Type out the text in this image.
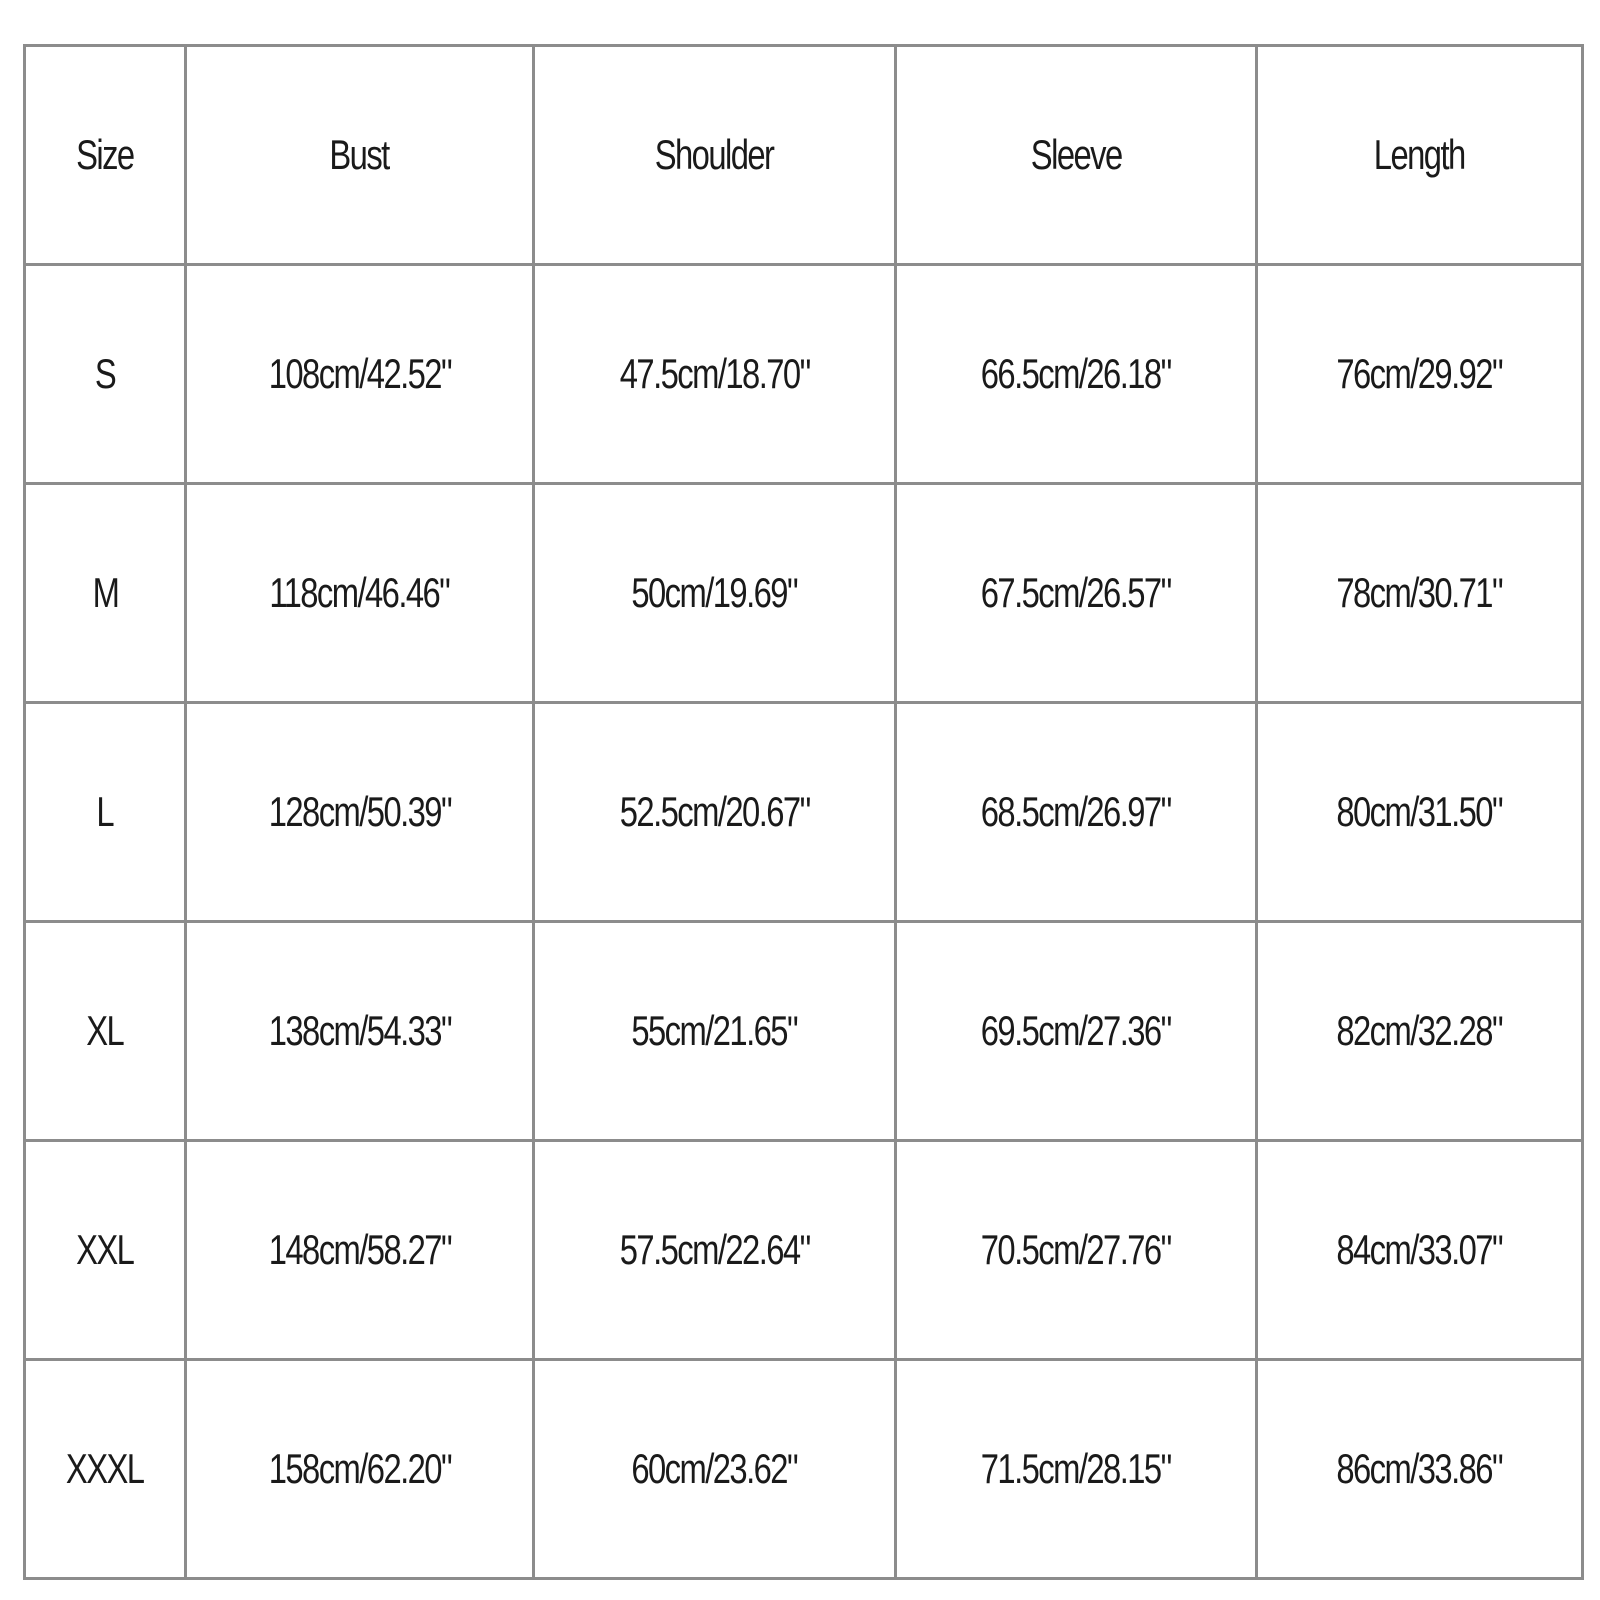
Size	Bust	Shoulder	Sleeve	Length
S	108cm/42.52"	47.5cm/18.70"	66.5cm/26.18"	76cm/29.92"
M	118cm/46.46"	50cm/19.69"	67.5cm/26.57"	78cm/30.71"
L	128cm/50.39"	52.5cm/20.67"	68.5cm/26.97"	80cm/31.50"
XL	138cm/54.33"	55cm/21.65"	69.5cm/27.36"	82cm/32.28"
XXL	148cm/58.27"	57.5cm/22.64"	70.5cm/27.76"	84cm/33.07"
XXXL	158cm/62.20"	60cm/23.62"	71.5cm/28.15"	86cm/33.86"
